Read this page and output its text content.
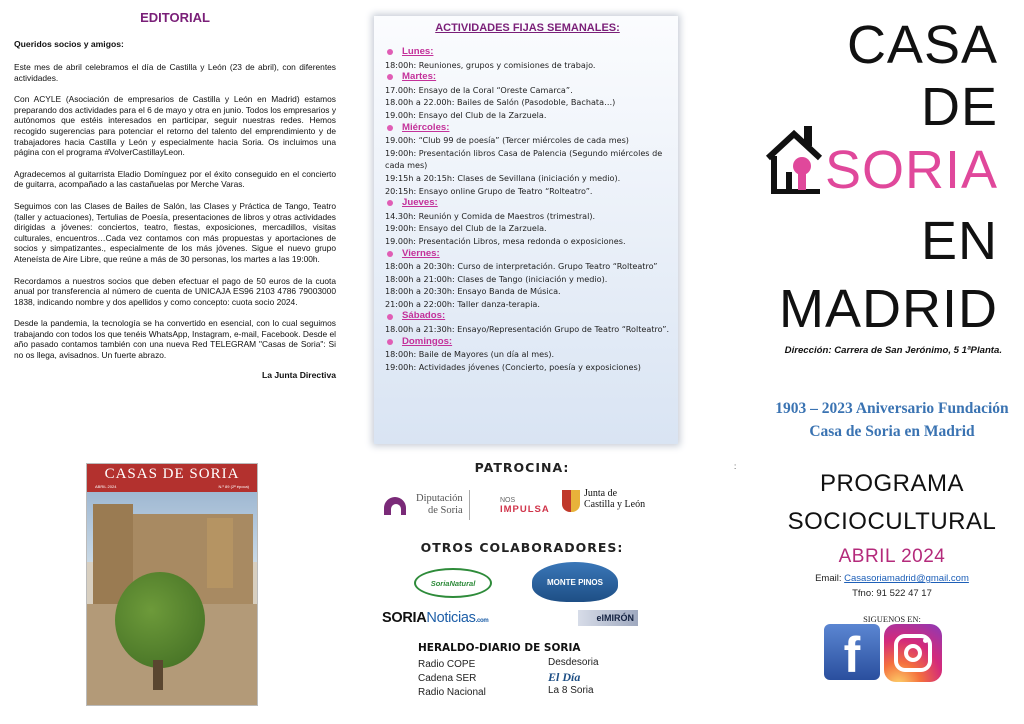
EDITORIAL
Queridos socios y amigos:

Este mes de abril celebramos el día de Castilla y León (23 de abril), con diferentes actividades.

Con ACYLE (Asociación de empresarios de Castilla y León en Madrid) estamos preparando dos actividades para el 6 de mayo y otra en junio. Todos los empresarios y autónomos que estéis interesados en participar, seguir nuestras redes. Hemos recogido sugerencias para potenciar el retorno del talento del emprendimiento y de trabajadores hacia Castilla y León y especialmente hacia Soria. Os incluimos una página con el programa #VolverCastillayLeon.

Agradecemos al guitarrista Eladio Domínguez por el éxito conseguido en el concierto de guitarra, acompañado a las castañuelas por Merche Varas.

Seguimos con las Clases de Bailes de Salón, las Clases y Práctica de Tango, Teatro (taller y actuaciones), Tertulias de Poesía, presentaciones de libros y otras actividades dirigidas a jóvenes: conciertos, teatro, fiestas, exposiciones, mercadillos, visitas culturales, encuentros…Cada vez contamos con más propuestas y aportaciones de socios y simpatizantes., especialmente de los más jóvenes. Sigue el nuevo grupo Ateneísta de Aire Libre, que reúne a más de 30 personas, los martes a las 19:00h.

Recordamos a nuestros socios que deben efectuar el pago de 50 euros de la cuota anual por transferencia al número de cuenta de UNICAJA ES96 2103 4786 79003000 1838, indicando nombre y dos apellidos y como concepto: cuota socio 2024.

Desde la pandemia, la tecnología se ha convertido en esencial, con lo cual seguimos trabajando con todos los que tenéis WhatsApp, Instagram, e-mail, Facebook. Desde el año pasado contamos también con una nueva Red TELEGRAM "Casas de Soria": Si no os llega, avisadnos. Un fuerte abrazo.

La Junta Directiva
CASAS DE SORIA
ABRIL 2024	N.º 89 (2ª época)
ACTIVIDADES FIJAS SEMANALES:
Lunes:
18:00h: Reuniones, grupos y comisiones de trabajo.
Martes:
17.00h: Ensayo de la Coral “Oreste Camarca”.
18.00h a 22.00h: Bailes de Salón (Pasodoble, Bachata…)
19.00h: Ensayo del Club de la Zarzuela.
Miércoles:
19.00h: “Club 99 de poesía” (Tercer miércoles de cada mes)
19:00h: Presentación libros Casa de Palencia (Segundo miércoles de cada mes)
19:15h a 20:15h: Clases de Sevillana (iniciación y medio).
20:15h: Ensayo online Grupo de Teatro “Rolteatro”.
Jueves:
14.30h: Reunión y Comida de Maestros (trimestral).
19:00h: Ensayo del Club de la Zarzuela.
19.00h: Presentación Libros, mesa redonda o exposiciones.
Viernes:
18:00h a 20:30h: Curso de interpretación. Grupo Teatro “Rolteatro”
18:00h a 21:00h: Clases de Tango (iniciación y medio).
18:00h a 20:30h: Ensayo Banda de Música.
21:00h a 22:00h: Taller danza-terapia.
Sábados:
18.00h a 21:30h: Ensayo/Representación Grupo de Teatro “Rolteatro”.
Domingos:
18:00h: Baile de Mayores (un día al mes).
19:00h: Actividades jóvenes (Concierto, poesía y exposiciones)
PATROCINA:
Diputación
de Soria
NOS
IMPULSA
Junta de
Castilla y León
OTROS COLABORADORES:
SoriaNatural	MONTE PINOS
SORIANoticias.com	elMIRÓN
HERALDO-DIARIO DE SORIA
Radio COPE
Cadena SER
Radio Nacional
Desdesoria
El Día
La 8 Soria
CASA
DE
SORIA
EN
MADRID
Dirección: Carrera de San Jerónimo, 5 1ªPlanta.
1903 – 2023 Aniversario Fundación
Casa de Soria en Madrid
:
PROGRAMA
SOCIOCULTURAL
ABRIL 2024
Email: Casasoriamadrid@gmail.com
Tfno: 91 522 47 17
SIGUENOS EN:
f
